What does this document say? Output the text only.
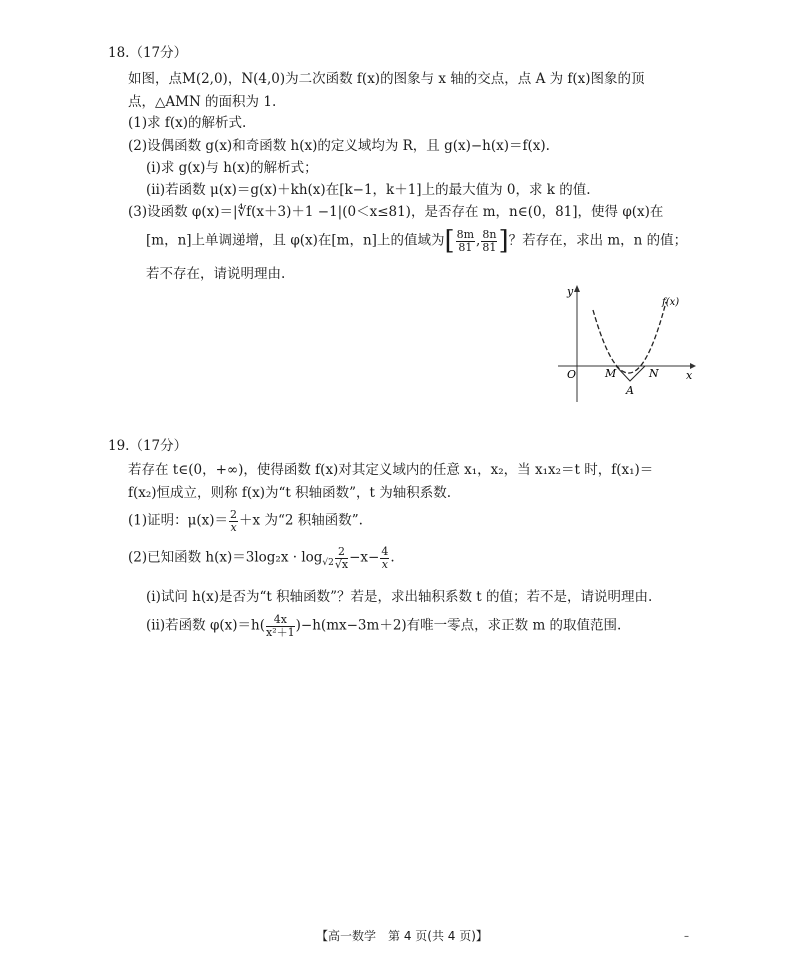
18.（17分）
如图，点M(2,0)，N(4,0)为二次函数 f(x)的图象与 x 轴的交点，点 A 为 f(x)图象的顶
点，△AMN 的面积为 1.
(1)求 f(x)的解析式.
(2)设偶函数 g(x)和奇函数 h(x)的定义域均为 R，且 g(x)−h(x)＝f(x).
(ⅰ)求 g(x)与 h(x)的解析式；
(ⅱ)若函数 μ(x)＝g(x)＋kh(x)在[k−1，k＋1]上的最大值为 0，求 k 的值.
(3)设函数 φ(x)＝|∜f(x＋3)＋1 −1|(0＜x≤81)，是否存在 m，n∈(0，81]，使得 φ(x)在
[m，n]上单调递增，且 φ(x)在[m，n]上的值域为[ $\frac{8m}{81}$ , $\frac{8n}{81}$ ]？若存在，求出 m，n 的值；
若不存在，请说明理由.
y
x
O	M	N
A
f(x)
19.（17分）
若存在 t∈(0，+∞)，使得函数 f(x)对其定义域内的任意 x₁，x₂，当 x₁x₂＝t 时，f(x₁)＝
f(x₂)恒成立，则称 f(x)为“t 积轴函数”，t 为轴积系数.
(1)证明：$\mu(x)= \frac{2}{x} +x$ 为“2 积轴函数”.
(2)已知函数 $h(x)=3\log_2x \cdot \log_{√2} \frac{2}{√x} -x- \frac{4}{x}$ .
(ⅰ)试问 h(x)是否为“t 积轴函数”？若是，求出轴积系数 t 的值；若不是，请说明理由.
(ⅱ)若函数 $\varphi(x)=h( \frac{4x}{\text{x²＋1}} )-h(mx-3m+2)$有唯一零点，求正数 m 的取值范围.
【高一数学　第 4 页(共 4 页)】	–
